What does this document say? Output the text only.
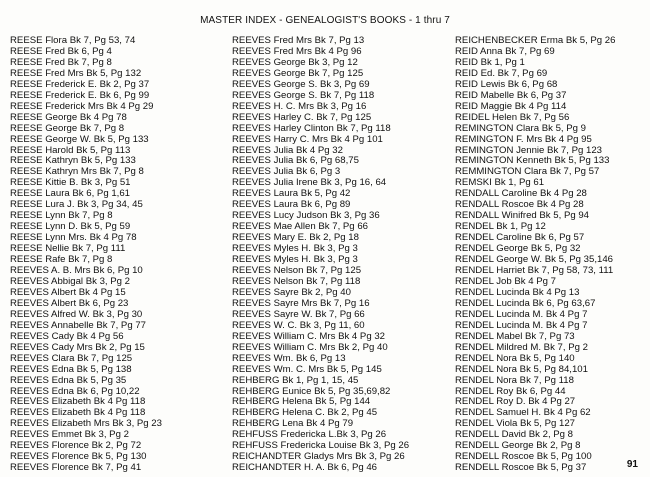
MASTER INDEX - GENEALOGIST'S BOOKS - 1 thru 7
REESE Flora Bk 7, Pg 53, 74
REESE Fred Bk 6, Pg 4
REESE Fred Bk 7, Pg 8
REESE Fred Mrs Bk 5, Pg 132
REESE Frederick E. Bk 2, Pg 37
REESE Frederick E. Bk 6, Pg 99
REESE Frederick Mrs Bk 4 Pg 29
REESE George Bk 4 Pg 78
REESE George Bk 7, Pg 8
REESE George W. Bk 5, Pg 133
REESE Harold Bk 5, Pg 113
REESE Kathryn Bk 5, Pg 133
REESE Kathryn Mrs Bk 7, Pg 8
REESE Kittie B. Bk 3, Pg 51
REESE Laura Bk 6, Pg 1,61
REESE Lura J. Bk 3, Pg 34, 45
REESE Lynn Bk 7, Pg 8
REESE Lynn D. Bk 5, Pg 59
REESE Lynn Mrs. Bk 4 Pg 78
REESE Nellie Bk 7, Pg 111
REESE Rafe Bk 7, Pg 8
REEVES A. B. Mrs Bk 6, Pg 10
REEVES Abbigal Bk 3, Pg 2
REEVES Albert Bk 4 Pg 15
REEVES Albert Bk 6, Pg 23
REEVES Alfred W. Bk 3, Pg 30
REEVES Annabelle Bk 7, Pg 77
REEVES Cady Bk 4 Pg 56
REEVES Cady Mrs Bk 2, Pg 15
REEVES Clara Bk 7, Pg 125
REEVES Edna Bk 5, Pg 138
REEVES Edna Bk 5, Pg 35
REEVES Edna Bk 6, Pg 10,22
REEVES Elizabeth Bk 4 Pg 118
REEVES Elizabeth Bk 4 Pg 118
REEVES Elizabeth Mrs Bk 3, Pg 23
REEVES Emmet Bk 3, Pg 2
REEVES Florence Bk 2, Pg 72
REEVES Florence Bk 5, Pg 130
REEVES Florence Bk 7, Pg 41
REEVES Fred Mrs Bk 7, Pg 13
REEVES Fred Mrs Bk 4 Pg 96
REEVES George Bk 3, Pg 12
REEVES George Bk 7, Pg 125
REEVES George S. Bk 3, Pg 69
REEVES George S. Bk 7, Pg 118
REEVES H. C. Mrs Bk 3, Pg 16
REEVES Harley C. Bk 7, Pg 125
REEVES Harley Clinton Bk 7, Pg 118
REEVES Harry C. Mrs Bk 4 Pg 101
REEVES Julia Bk 4 Pg 32
REEVES Julia Bk 6, Pg 68,75
REEVES Julia Bk 6, Pg 3
REEVES Julia Irene Bk 3, Pg 16, 64
REEVES Laura Bk 5, Pg 42
REEVES Laura Bk 6, Pg 89
REEVES Lucy Judson Bk 3, Pg 36
REEVES Mae Allen Bk 7, Pg 66
REEVES Mary E. Bk 2, Pg 18
REEVES Myles H. Bk 3, Pg 3
REEVES Myles H. Bk 3, Pg 3
REEVES Nelson Bk 7, Pg 125
REEVES Nelson Bk 7, Pg 118
REEVES Sayre Bk 2, Pg 40
REEVES Sayre Mrs Bk 7, Pg 16
REEVES Sayre W. Bk 7, Pg 66
REEVES W. C. Bk 3, Pg 11, 60
REEVES William C. Mrs Bk 4 Pg 32
REEVES William C. Mrs Bk 2, Pg 40
REEVES Wm. Bk 6, Pg 13
REEVES Wm. C. Mrs Bk 5, Pg 145
REHBERG Bk 1, Pg 1, 15, 45
REHBERG Eunice Bk 5, Pg 35,69,82
REHBERG Helena Bk 5, Pg 144
REHBERG Helena C. Bk 2, Pg 45
REHBERG Lena Bk 4 Pg 79
REHFUSS Fredericka L.Bk 3, Pg 26
REHFUSS Fredericka Louise Bk 3, Pg 26
REICHANDTER Gladys Mrs Bk 3, Pg 26
REICHANDTER H. A. Bk 6, Pg 46
REICHENBECKER Erma Bk 5, Pg 26
REID Anna Bk 7, Pg 69
REID Bk 1, Pg 1
REID Ed. Bk 7, Pg 69
REID Lewis Bk 6, Pg 68
REID Mabelle Bk 6, Pg 37
REID Maggie Bk 4 Pg 114
REIDEL Helen Bk 7, Pg 56
REMINGTON Clara Bk 5, Pg 9
REMINGTON F. Mrs Bk 4 Pg 95
REMINGTON Jennie Bk 7, Pg 123
REMINGTON Kenneth Bk 5, Pg 133
REMMINGTON Clara Bk 7, Pg 57
REMSKI Bk 1, Pg 61
RENDALL Caroline Bk 4 Pg 28
RENDALL Roscoe Bk 4 Pg 28
RENDALL Winifred Bk 5, Pg 94
RENDEL Bk 1, Pg 12
RENDEL Caroline Bk 6, Pg 57
RENDEL George Bk 5, Pg 32
RENDEL George W. Bk 5, Pg 35,146
RENDEL Harriet Bk 7, Pg 58, 73, 111
RENDEL Job Bk 4 Pg 7
RENDEL Lucinda Bk 4 Pg 13
RENDEL Lucinda Bk 6, Pg 63,67
RENDEL Lucinda M. Bk 4 Pg 7
RENDEL Lucinda M. Bk 4 Pg 7
RENDEL Mabel Bk 7, Pg 73
RENDEL Mildred M. Bk 7, Pg 2
RENDEL Nora Bk 5, Pg 140
RENDEL Nora Bk 5, Pg 84,101
RENDEL Nora Bk 7, Pg 118
RENDEL Roy Bk 6, Pg 44
RENDEL Roy D. Bk 4 Pg 27
RENDEL Samuel H. Bk 4 Pg 62
RENDEL Viola Bk 5, Pg 127
RENDELL David Bk 2, Pg 8
RENDELL George Bk 2, Pg 8
RENDELL Roscoe Bk 5, Pg 100
RENDELL Roscoe Bk 5, Pg 37	91
